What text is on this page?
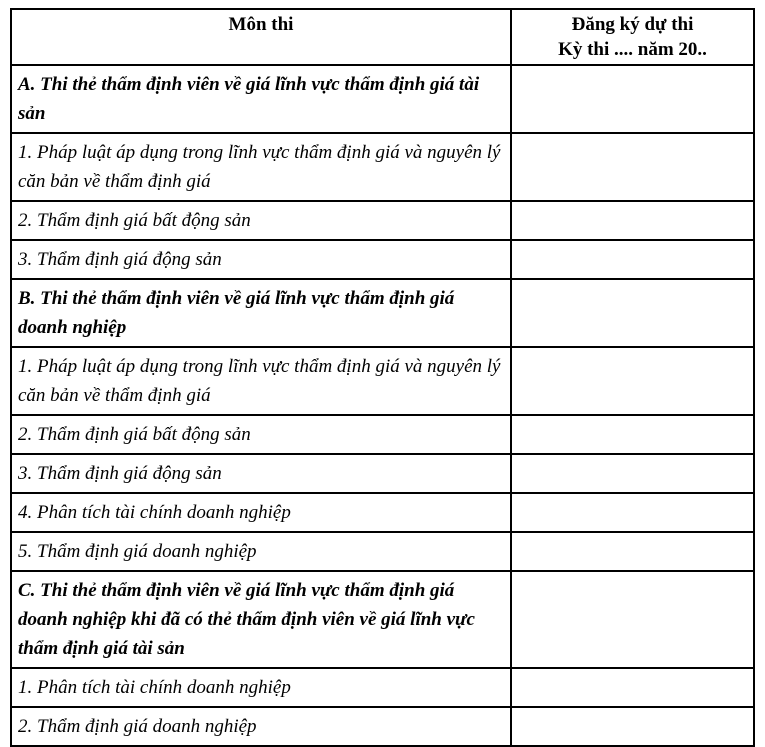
Môn thi	Đăng ký dự thi
Kỳ thi .... năm 20..

A. Thi thẻ thẩm định viên về giá lĩnh vực thẩm định giá tài sản	
1. Pháp luật áp dụng trong lĩnh vực thẩm định giá và nguyên lý căn bản về thẩm định giá	
2. Thẩm định giá bất động sản	
3. Thẩm định giá động sản	
B. Thi thẻ thẩm định viên về giá lĩnh vực thẩm định giá doanh nghiệp	
1. Pháp luật áp dụng trong lĩnh vực thẩm định giá và nguyên lý căn bản về thẩm định giá	
2. Thẩm định giá bất động sản	
3. Thẩm định giá động sản	
4. Phân tích tài chính doanh nghiệp	
5. Thẩm định giá doanh nghiệp	
C. Thi thẻ thẩm định viên về giá lĩnh vực thẩm định giá doanh nghiệp khi đã có thẻ thẩm định viên về giá lĩnh vực thẩm định giá tài sản	
1. Phân tích tài chính doanh nghiệp	
2. Thẩm định giá doanh nghiệp	
